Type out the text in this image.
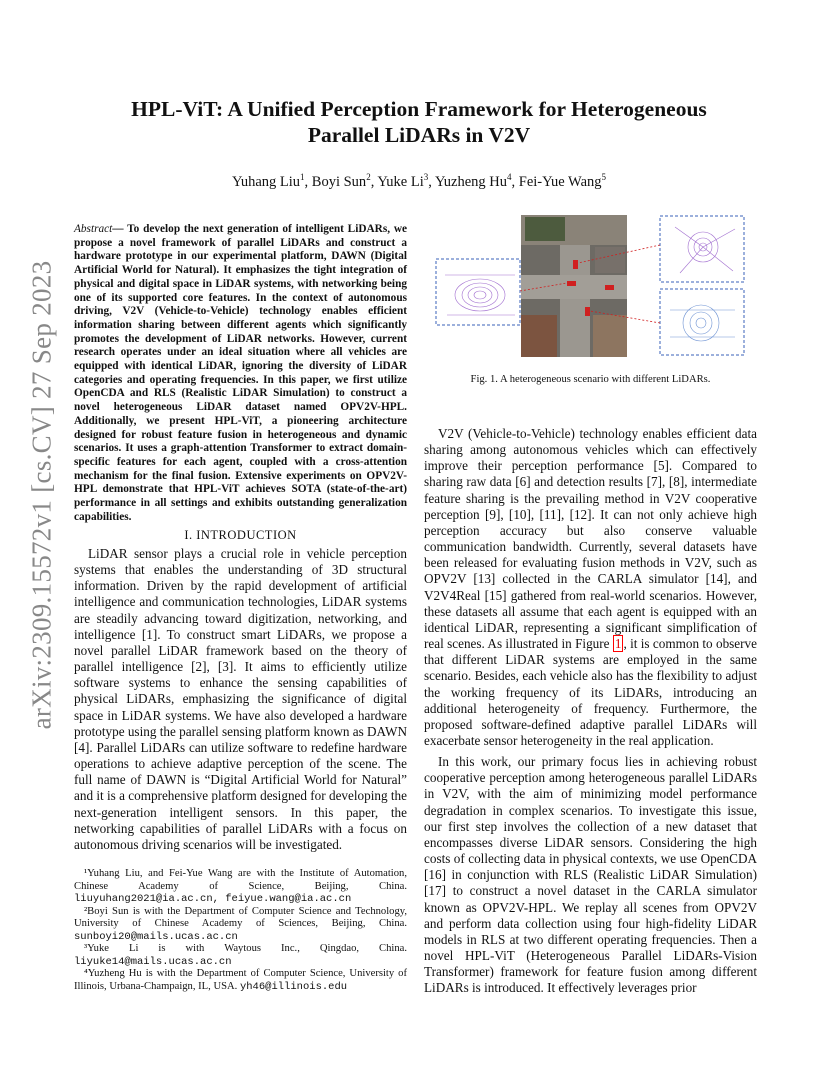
arXiv:2309.15572v1 [cs.CV] 27 Sep 2023
HPL-ViT: A Unified Perception Framework for Heterogeneous
Parallel LiDARs in V2V
Yuhang Liu$^1$, Boyi Sun$^2$, Yuke Li$^3$, Yuzheng Hu$^4$, Fei-Yue Wang$^5$
Abstract— To develop the next generation of intelligent LiDARs, we propose a novel framework of parallel LiDARs and construct a hardware prototype in our experimental platform, DAWN (Digital Artificial World for Natural). It emphasizes the tight integration of physical and digital space in LiDAR systems, with networking being one of its supported core features. In the context of autonomous driving, V2V (Vehicle-to-Vehicle) technology enables efficient information sharing between different agents which significantly promotes the development of LiDAR networks. However, current research operates under an ideal situation where all vehicles are equipped with identical LiDAR, ignoring the diversity of LiDAR categories and operating frequencies. In this paper, we first utilize OpenCDA and RLS (Realistic LiDAR Simulation) to construct a novel heterogeneous LiDAR dataset named OPV2V-HPL. Additionally, we present HPL-ViT, a pioneering architecture designed for robust feature fusion in heterogeneous and dynamic scenarios. It uses a graph-attention Transformer to extract domain-specific features for each agent, coupled with a cross-attention mechanism for the final fusion. Extensive experiments on OPV2V-HPL demonstrate that HPL-ViT achieves SOTA (state-of-the-art) performance in all settings and exhibits outstanding generalization capabilities.
I. INTRODUCTION

LiDAR sensor plays a crucial role in vehicle perception systems that enables the understanding of 3D structural information. Driven by the rapid development of artificial intelligence and communication technologies, LiDAR systems are steadily advancing toward digitization, networking, and intelligence [1]. To construct smart LiDARs, we propose a novel parallel LiDAR framework based on the theory of parallel intelligence [2], [3]. It aims to efficiently utilize software systems to enhance the sensing capabilities of physical LiDARs, emphasizing the significance of digital space in LiDAR systems. We have also developed a hardware prototype using the parallel sensing platform known as DAWN [4]. Parallel LiDARs can utilize software to redefine hardware operations to achieve adaptive perception of the scene. The full name of DAWN is “Digital Artificial World for Natural” and it is a comprehensive platform designed for developing the next-generation intelligent sensors. In this paper, the networking capabilities of parallel LiDARs with a focus on autonomous driving scenarios will be investigated.

¹Yuhang Liu, and Fei-Yue Wang are with the Institute of Automation, Chinese Academy of Science, Beijing, China. liuyuhang2021@ia.ac.cn, feiyue.wang@ia.ac.cn

²Boyi Sun is with the Department of Computer Science and Technology, University of Chinese Academy of Sciences, Beijing, China. sunboyi20@mails.ucas.ac.cn

³Yuke Li is with Waytous Inc., Qingdao, China. liyuke14@mails.ucas.ac.cn

⁴Yuzheng Hu is with the Department of Computer Science, University of Illinois, Urbana-Champaign, IL, USA. yh46@illinois.edu

Fig. 1. A heterogeneous scenario with different LiDARs.

V2V (Vehicle-to-Vehicle) technology enables efficient data sharing among autonomous vehicles which can effectively improve their perception performance [5]. Compared to sharing raw data [6] and detection results [7], [8], intermediate feature sharing is the prevailing method in V2V cooperative perception [9], [10], [11], [12]. It can not only achieve high perception accuracy but also conserve valuable communication bandwidth. Currently, several datasets have been released for evaluating fusion methods in V2V, such as OPV2V [13] collected in the CARLA simulator [14], and V2V4Real [15] gathered from real-world scenarios. However, these datasets all assume that each agent is equipped with an identical LiDAR, representing a significant simplification of real scenes. As illustrated in Figure 1 , it is common to observe that different LiDAR systems are employed in the same scenario. Besides, each vehicle also has the flexibility to adjust the working frequency of its LiDARs, introducing an additional heterogeneity of frequency. Furthermore, the proposed software-defined adaptive parallel LiDARs will exacerbate sensor heterogeneity in the real application.

In this work, our primary focus lies in achieving robust cooperative perception among heterogeneous parallel LiDARs in V2V, with the aim of minimizing model performance degradation in complex scenarios. To investigate this issue, our first step involves the collection of a new dataset that encompasses diverse LiDAR sensors. Considering the high costs of collecting data in physical contexts, we use OpenCDA [16] in conjunction with RLS (Realistic LiDAR Simulation) [17] to construct a novel dataset in the CARLA simulator known as OPV2V-HPL. We replay all scenes from OPV2V and perform data collection using four high-fidelity LiDAR models in RLS at two different operating frequencies. Then a novel HPL-ViT (Heterogeneous Parallel LiDARs-Vision Transformer) framework for feature fusion among different LiDARs is introduced. It effectively leverages prior
